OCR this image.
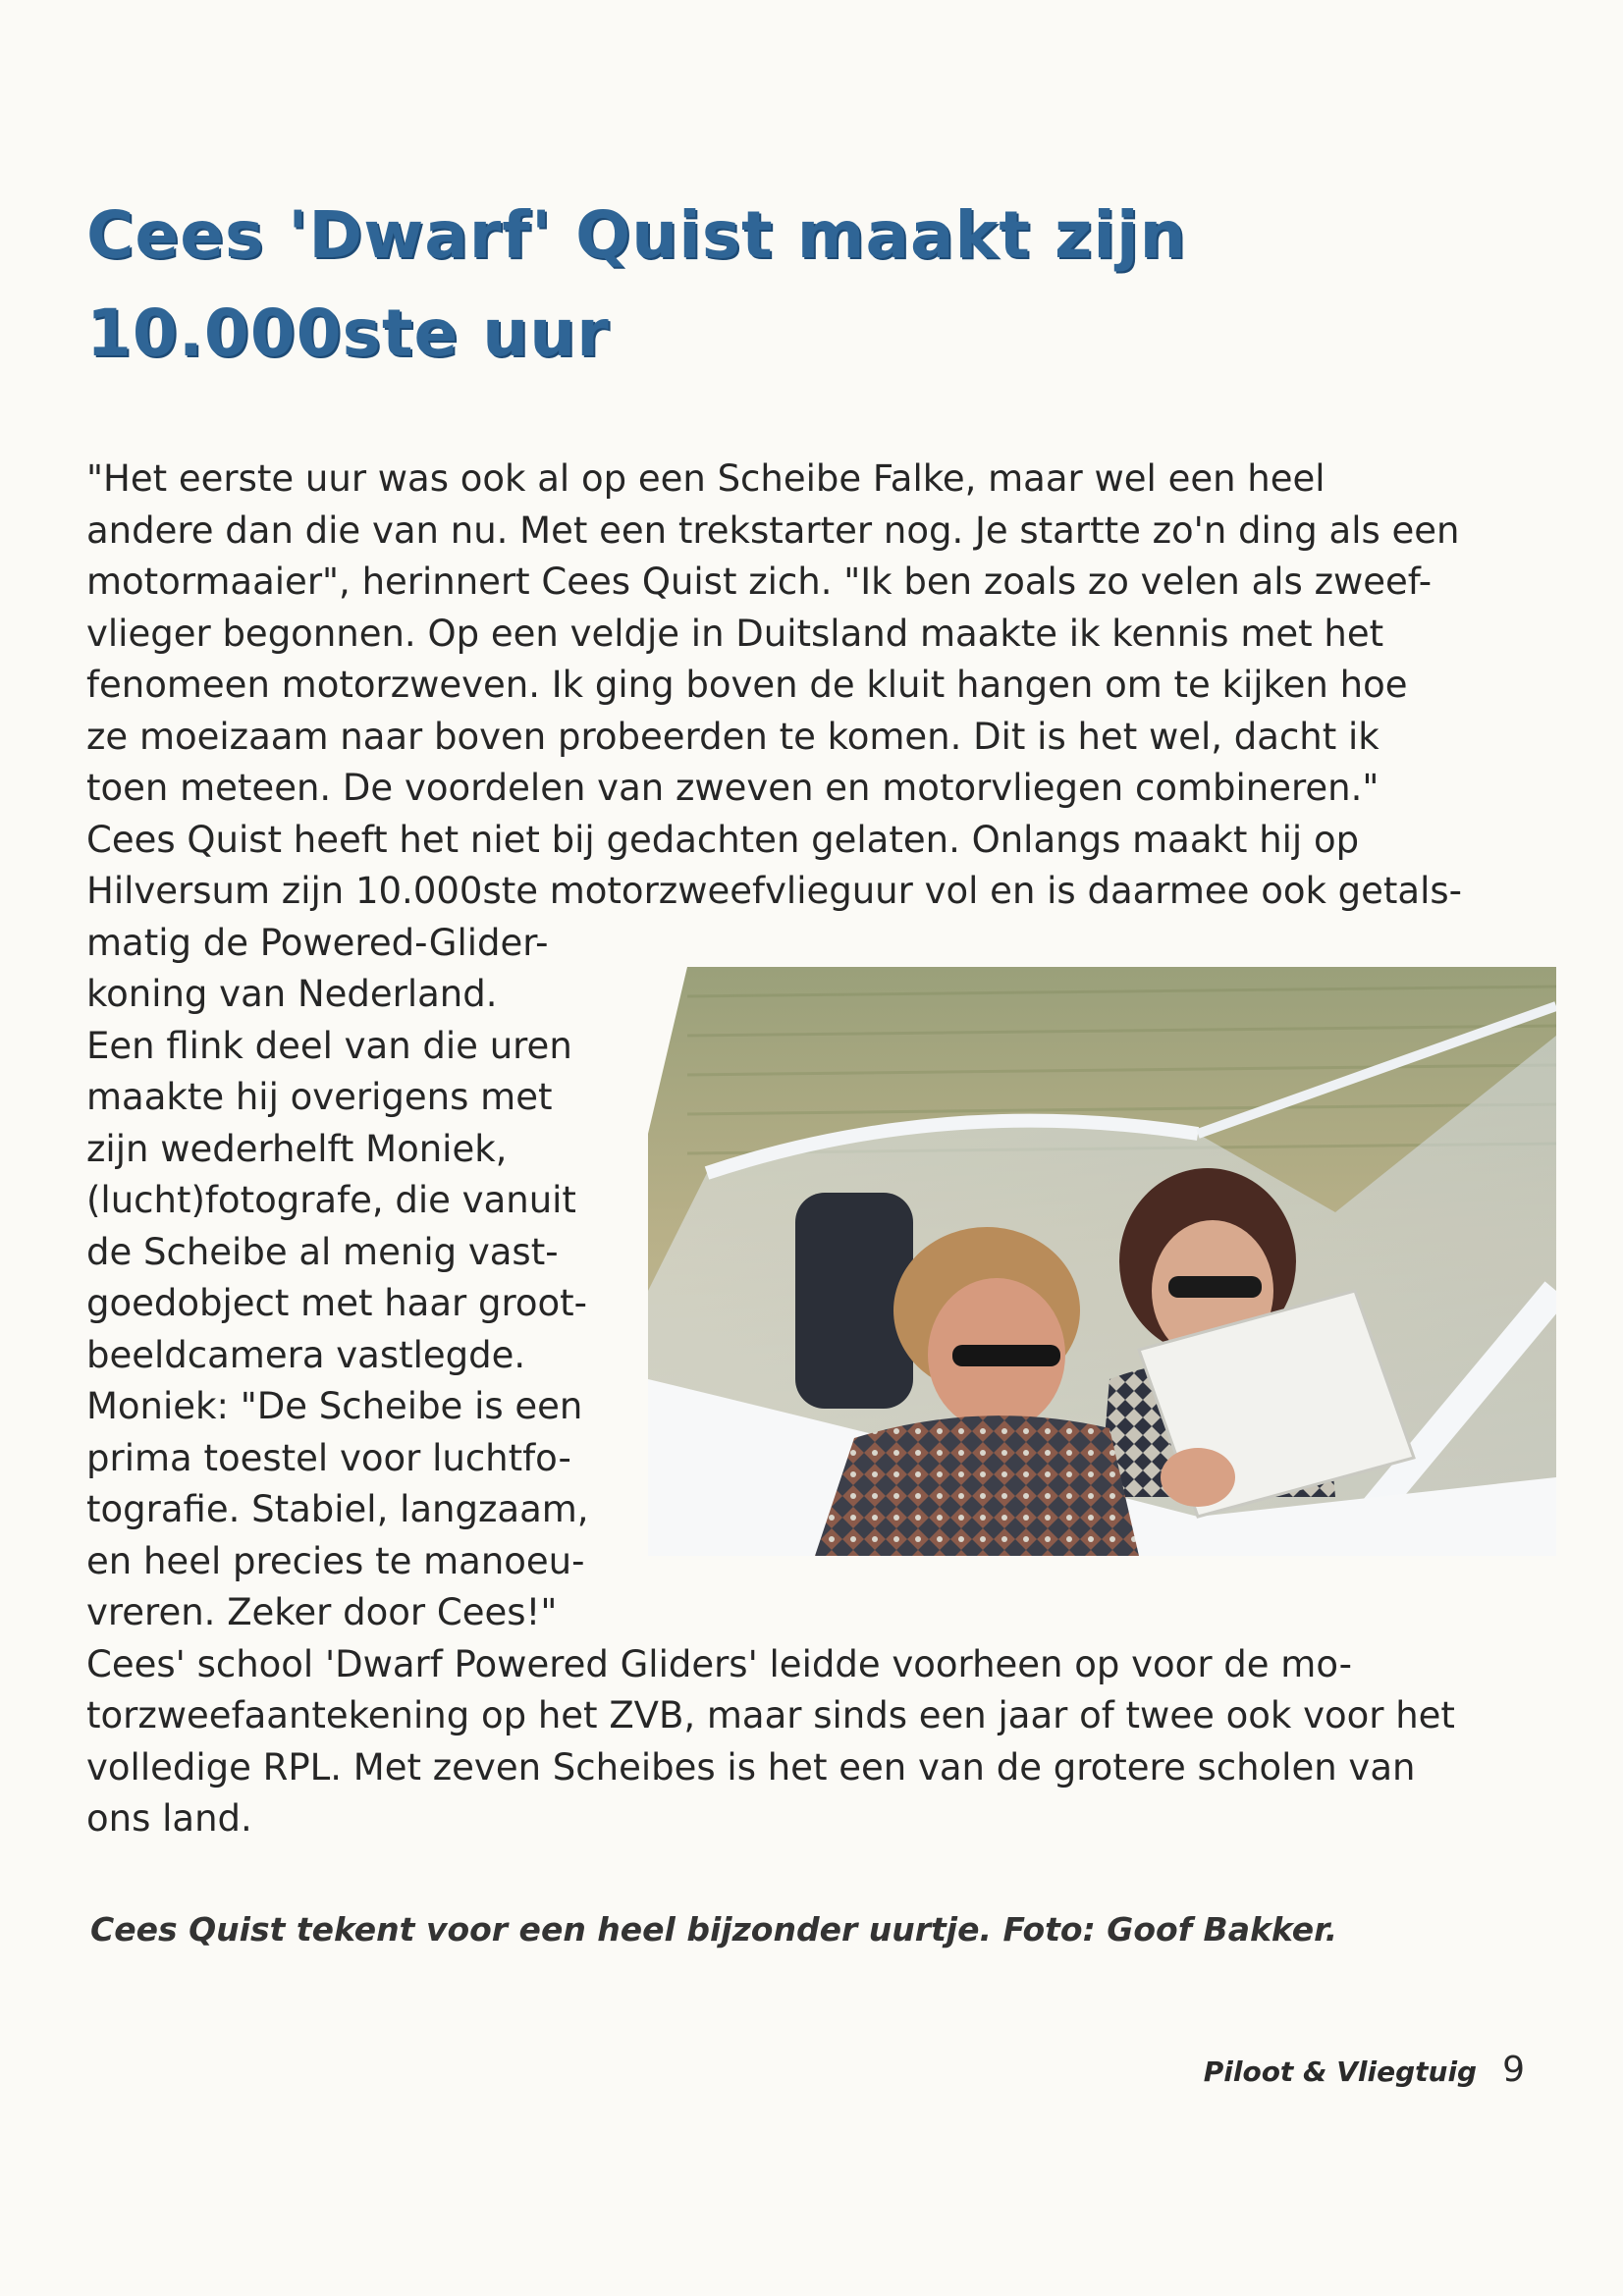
Cees 'Dwarf' Quist maakt zijn
10.000ste uur
"Het eerste uur was ook al op een Scheibe Falke, maar wel een heel
andere dan die van nu. Met een trekstarter nog. Je startte zo'n ding als een
motormaaier", herinnert Cees Quist zich. "Ik ben zoals zo velen als zweef-
vlieger begonnen. Op een veldje in Duitsland maakte ik kennis met het
fenomeen motorzweven. Ik ging boven de kluit hangen om te kijken hoe
ze moeizaam naar boven probeerden te komen. Dit is het wel, dacht ik
toen meteen. De voordelen van zweven en motorvliegen combineren."
Cees Quist heeft het niet bij gedachten gelaten. Onlangs maakt hij op
Hilversum zijn 10.000ste motorzweefvlieguur vol en is daarmee ook getals-
matig de Powered-Glider-
koning van Nederland.
Een flink deel van die uren
maakte hij overigens met
zijn wederhelft Moniek,
(lucht)fotografe, die vanuit
de Scheibe al menig vast-
goedobject met haar groot-
beeldcamera vastlegde.
Moniek: "De Scheibe is een
prima toestel voor luchtfo-
tografie. Stabiel, langzaam,
en heel precies te manoeu-
vreren. Zeker door Cees!"
Cees' school 'Dwarf Powered Gliders' leidde voorheen op voor de mo-
torzweefaantekening op het ZVB, maar sinds een jaar of twee ook voor het
volledige RPL. Met zeven Scheibes is het een van de grotere scholen van
ons land.
Cees Quist tekent voor een heel bijzonder uurtje. Foto: Goof Bakker.
Piloot & Vliegtuig 9
